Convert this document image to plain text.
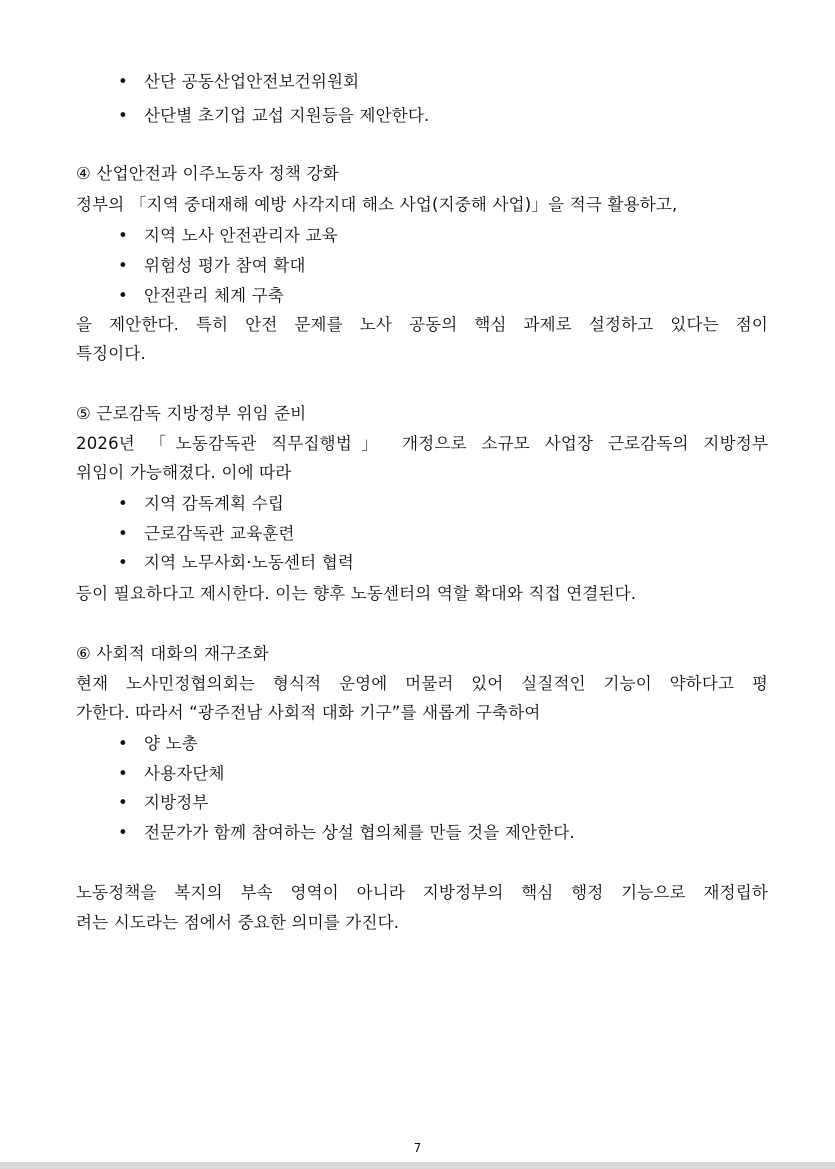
• 산단 공동산업안전보건위원회
• 산단별 초기업 교섭 지원등을 제안한다.
④ 산업안전과 이주노동자 정책 강화
정부의 「지역 중대재해 예방 사각지대 해소 사업(지중해 사업)」을 적극 활용하고,
• 지역 노사 안전관리자 교육
• 위험성 평가 참여 확대
• 안전관리 체계 구축
을 제안한다. 특히 안전 문제를 노사 공동의 핵심 과제로 설정하고 있다는 점이
특징이다.
⑤ 근로감독 지방정부 위임 준비
2026년 「노동감독관 직무집행법」 개정으로 소규모 사업장 근로감독의 지방정부
위임이 가능해졌다. 이에 따라
• 지역 감독계획 수립
• 근로감독관 교육훈련
• 지역 노무사회·노동센터 협력
등이 필요하다고 제시한다. 이는 향후 노동센터의 역할 확대와 직접 연결된다.
⑥ 사회적 대화의 재구조화
현재 노사민정협의회는 형식적 운영에 머물러 있어 실질적인 기능이 약하다고 평
가한다. 따라서 “광주전남 사회적 대화 기구”를 새롭게 구축하여
• 양 노총
• 사용자단체
• 지방정부
• 전문가가 함께 참여하는 상설 협의체를 만들 것을 제안한다.
노동정책을 복지의 부속 영역이 아니라 지방정부의 핵심 행정 기능으로 재정립하
려는 시도라는 점에서 중요한 의미를 가진다.
7
